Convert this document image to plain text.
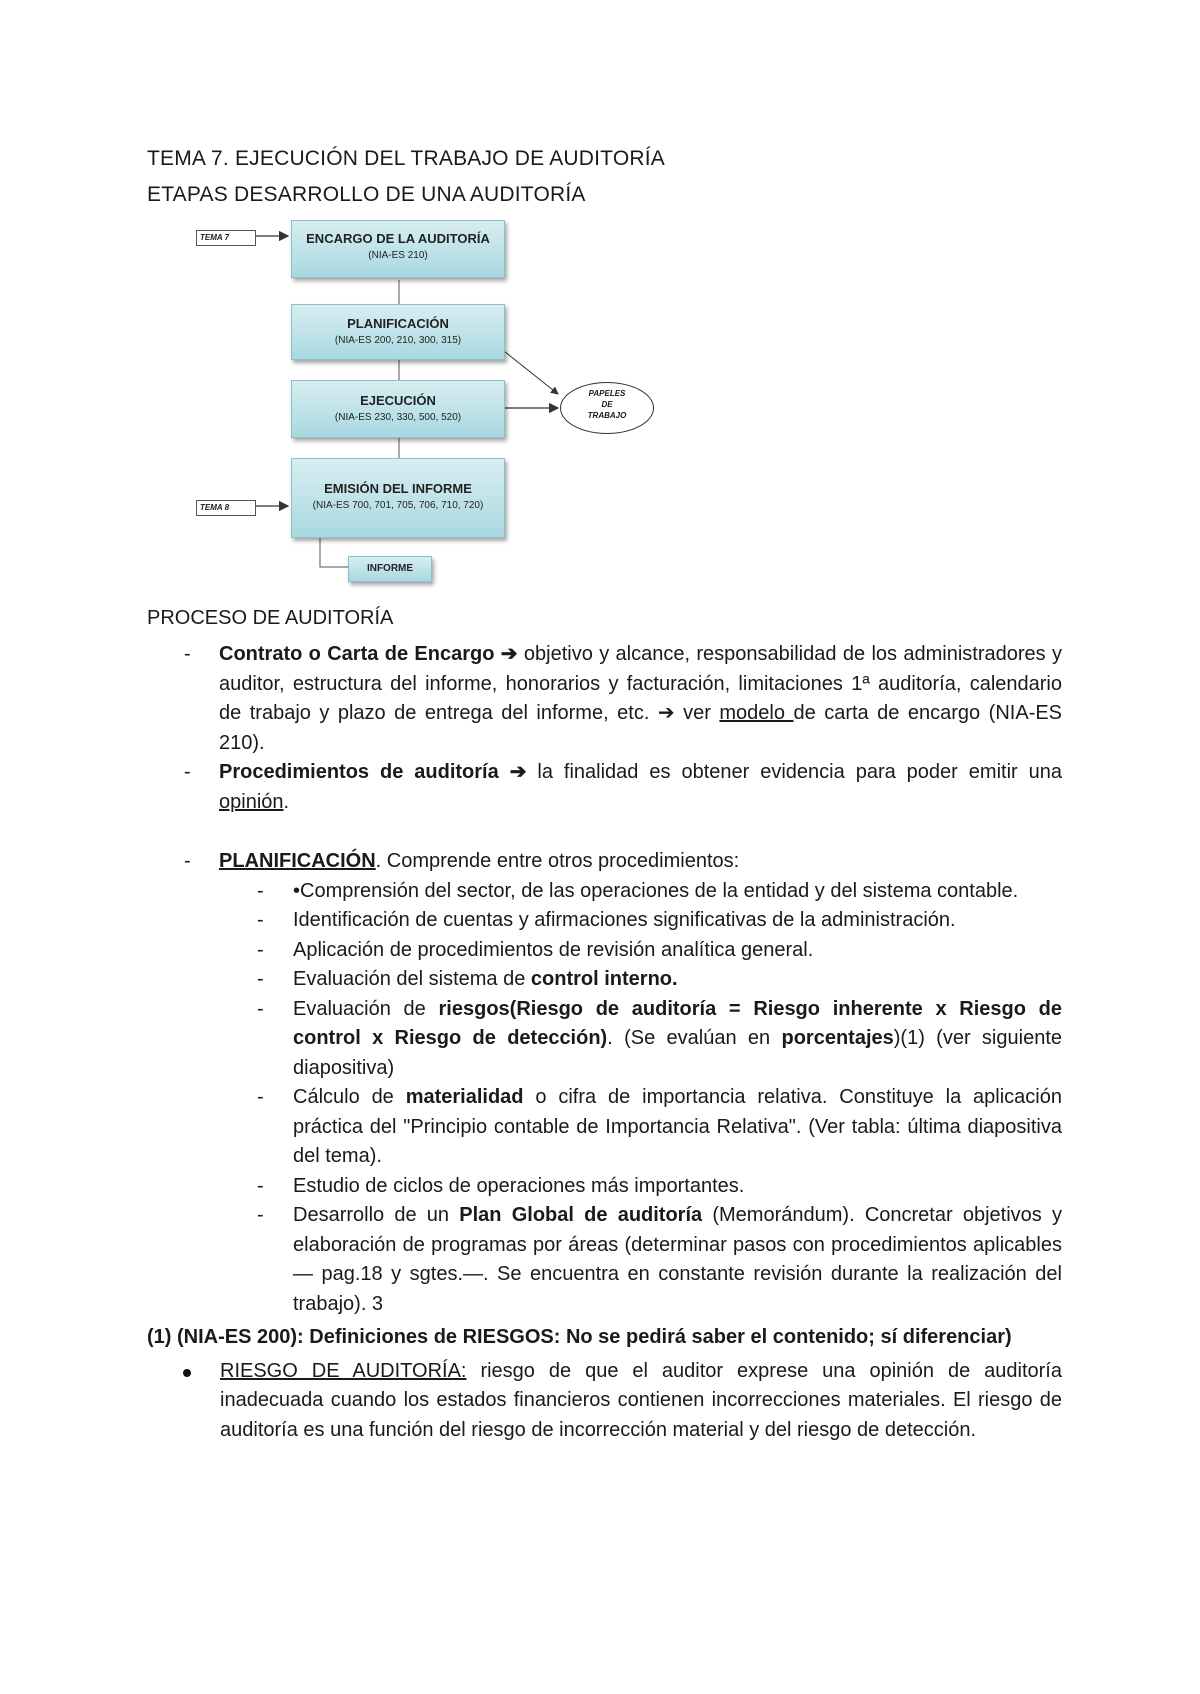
TEMA 7. EJECUCIÓN DEL TRABAJO DE AUDITORÍA
ETAPAS DESARROLLO DE UNA AUDITORÍA
TEMA 7
TEMA 8
ENCARGO DE LA AUDITORÍA
(NIA-ES 210)
PLANIFICACIÓN
(NIA-ES 200, 210, 300, 315)
EJECUCIÓN
(NIA-ES 230, 330, 500, 520)
EMISIÓN DEL INFORME
(NIA-ES 700, 701, 705, 706, 710, 720)
INFORME
PAPELES
DE
TRABAJO
PROCESO DE AUDITORÍA
- Contrato o Carta de Encargo ➔ objetivo y alcance, responsabilidad de los administradores y auditor, estructura del informe, honorarios y facturación, limitaciones 1ª auditoría, calendario de trabajo y plazo de entrega del informe, etc. ➔ ver modelo de carta de encargo (NIA-ES 210).
- Procedimientos de auditoría ➔ la finalidad es obtener evidencia para poder emitir una opinión.
- PLANIFICACIÓN. Comprende entre otros procedimientos:
- •Comprensión del sector, de las operaciones de la entidad y del sistema contable.
- Identificación de cuentas y afirmaciones significativas de la administración.
- Aplicación de procedimientos de revisión analítica general.
- Evaluación del sistema de control interno.
- Evaluación de riesgos(Riesgo de auditoría = Riesgo inherente x Riesgo de control x Riesgo de detección). (Se evalúan en porcentajes)(1) (ver siguiente diapositiva)
- Cálculo de materialidad o cifra de importancia relativa. Constituye la aplicación práctica del "Principio contable de Importancia Relativa". (Ver tabla: última diapositiva del tema).
- Estudio de ciclos de operaciones más importantes.
- Desarrollo de un Plan Global de auditoría (Memorándum). Concretar objetivos y elaboración de programas por áreas (determinar pasos con procedimientos aplicables — pag.18 y sgtes.—. Se encuentra en constante revisión durante la realización del trabajo). 3
(1) (NIA-ES 200): Definiciones de RIESGOS: No se pedirá saber el contenido; sí diferenciar)
RIESGO DE AUDITORÍA: riesgo de que el auditor exprese una opinión de auditoría inadecuada cuando los estados financieros contienen incorrecciones materiales. El riesgo de auditoría es una función del riesgo de incorrección material y del riesgo de detección.
